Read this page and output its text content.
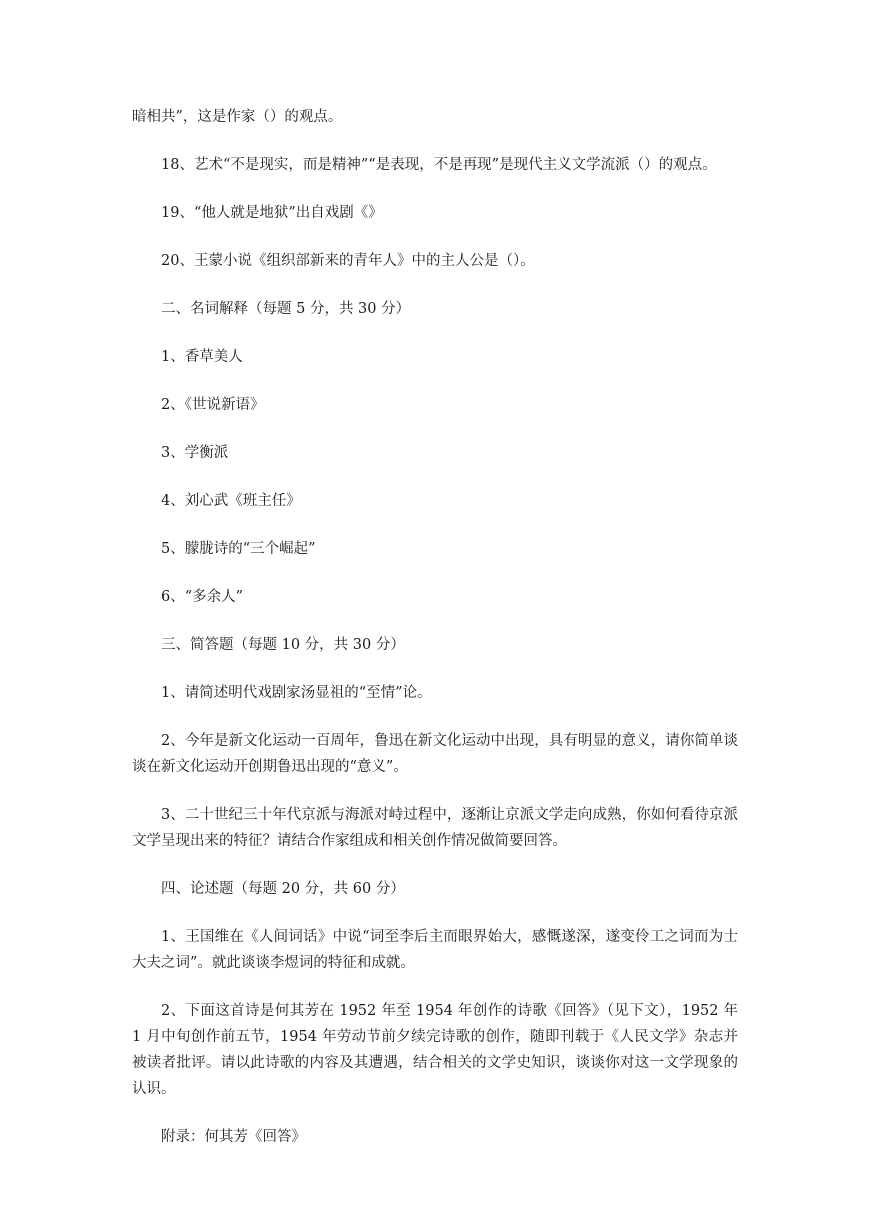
暗相共”，这是作家（）的观点。

18、艺术“不是现实，而是精神”“是表现，不是再现”是现代主义文学流派（）的观点。

19、“他人就是地狱”出自戏剧《》

20、王蒙小说《组织部新来的青年人》中的主人公是（）。

二、名词解释（每题 5 分，共 30 分）

1、香草美人

2、《世说新语》

3、学衡派

4、刘心武《班主任》

5、朦胧诗的“三个崛起”

6、“多余人”

三、简答题（每题 10 分，共 30 分）

1、请简述明代戏剧家汤显祖的“至情”论。

2、今年是新文化运动一百周年，鲁迅在新文化运动中出现，具有明显的意义，请你简单谈谈在新文化运动开创期鲁迅出现的“意义”。

3、二十世纪三十年代京派与海派对峙过程中，逐渐让京派文学走向成熟，你如何看待京派文学呈现出来的特征？请结合作家组成和相关创作情况做简要回答。

四、论述题（每题 20 分，共 60 分）

1、王国维在《人间词话》中说“词至李后主而眼界始大，感慨遂深，遂变伶工之词而为士大夫之词”。就此谈谈李煜词的特征和成就。

2、下面这首诗是何其芳在 1952 年至 1954 年创作的诗歌《回答》（见下文），1952 年 1 月中旬创作前五节，1954 年劳动节前夕续完诗歌的创作，随即刊载于《人民文学》杂志并被读者批评。请以此诗歌的内容及其遭遇，结合相关的文学史知识，谈谈你对这一文学现象的认识。

附录：何其芳《回答》
